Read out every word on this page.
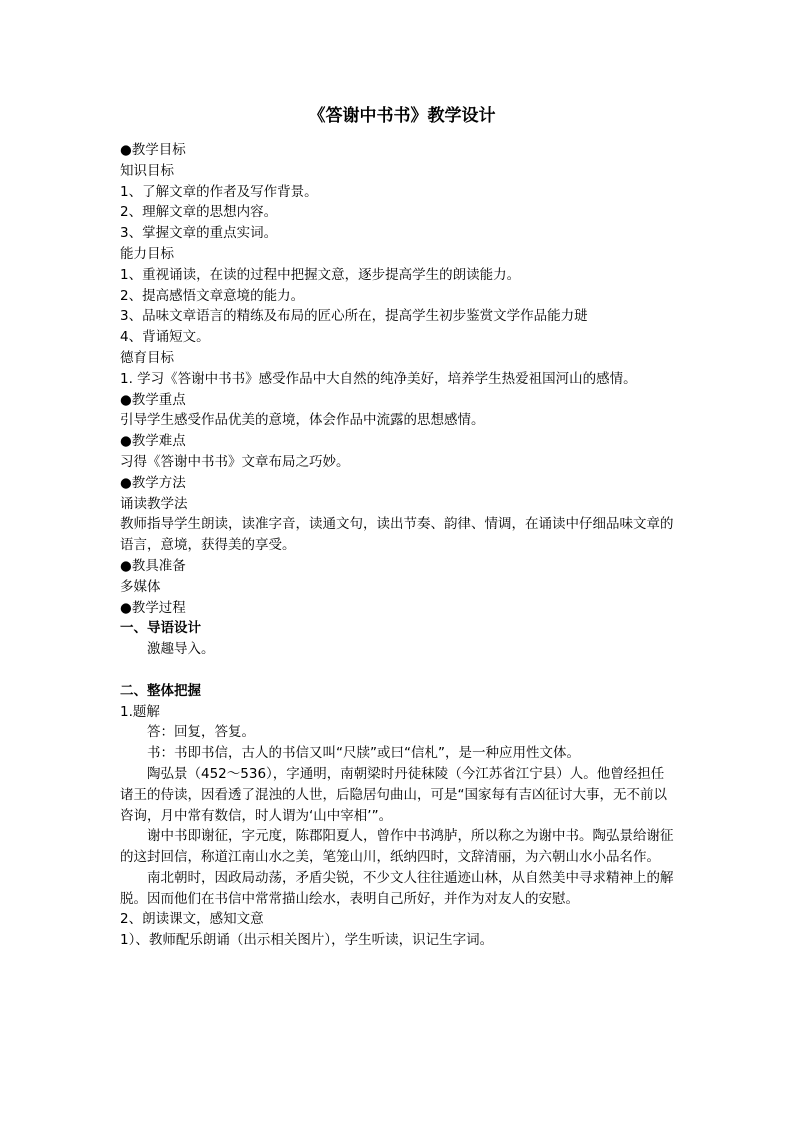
《答谢中书书》教学设计
●教学目标
知识目标
1、了解文章的作者及写作背景。
2、理解文章的思想内容。
3、掌握文章的重点实词。
能力目标
1、重视诵读，在读的过程中把握文意，逐步提高学生的朗读能力。
2、提高感悟文章意境的能力。
3、品味文章语言的精练及布局的匠心所在，提高学生初步鉴赏文学作品能力琎
4、背诵短文。
德育目标
1. 学习《答谢中书书》感受作品中大自然的纯净美好，培养学生热爱祖国河山的感情。
●教学重点
引导学生感受作品优美的意境，体会作品中流露的思想感情。
●教学难点
习得《答谢中书书》文章布局之巧妙。
●教学方法
诵读教学法
教师指导学生朗读，读准字音，读通文句，读出节奏、韵律、情调，在诵读中仔细品味文章的语言，意境，获得美的享受。
●教具准备
多媒体
●教学过程
一、导语设计
激趣导入。
二、整体把握
1.题解
答：回复，答复。
书：书即书信，古人的书信又叫“尺牍”或曰“信札”，是一种应用性文体。
陶弘景（452～536），字通明，南朝梁时丹徒秣陵（今江苏省江宁县）人。他曾经担任诸王的侍读，因看透了混浊的人世，后隐居句曲山，可是“国家每有吉凶征讨大事，无不前以咨询，月中常有数信，时人谓为‘山中宰相’”。
谢中书即谢征，字元度，陈郡阳夏人，曾作中书鸿胪，所以称之为谢中书。陶弘景给谢征的这封回信，称道江南山水之美，笔笼山川，纸纳四时，文辞清丽，为六朝山水小品名作。
南北朝时，因政局动荡，矛盾尖锐，不少文人往往遁迹山林，从自然美中寻求精神上的解脱。因而他们在书信中常常描山绘水，表明自己所好，并作为对友人的安慰。
2、朗读课文，感知文意
1）、教师配乐朗诵（出示相关图片），学生听读，识记生字词。
